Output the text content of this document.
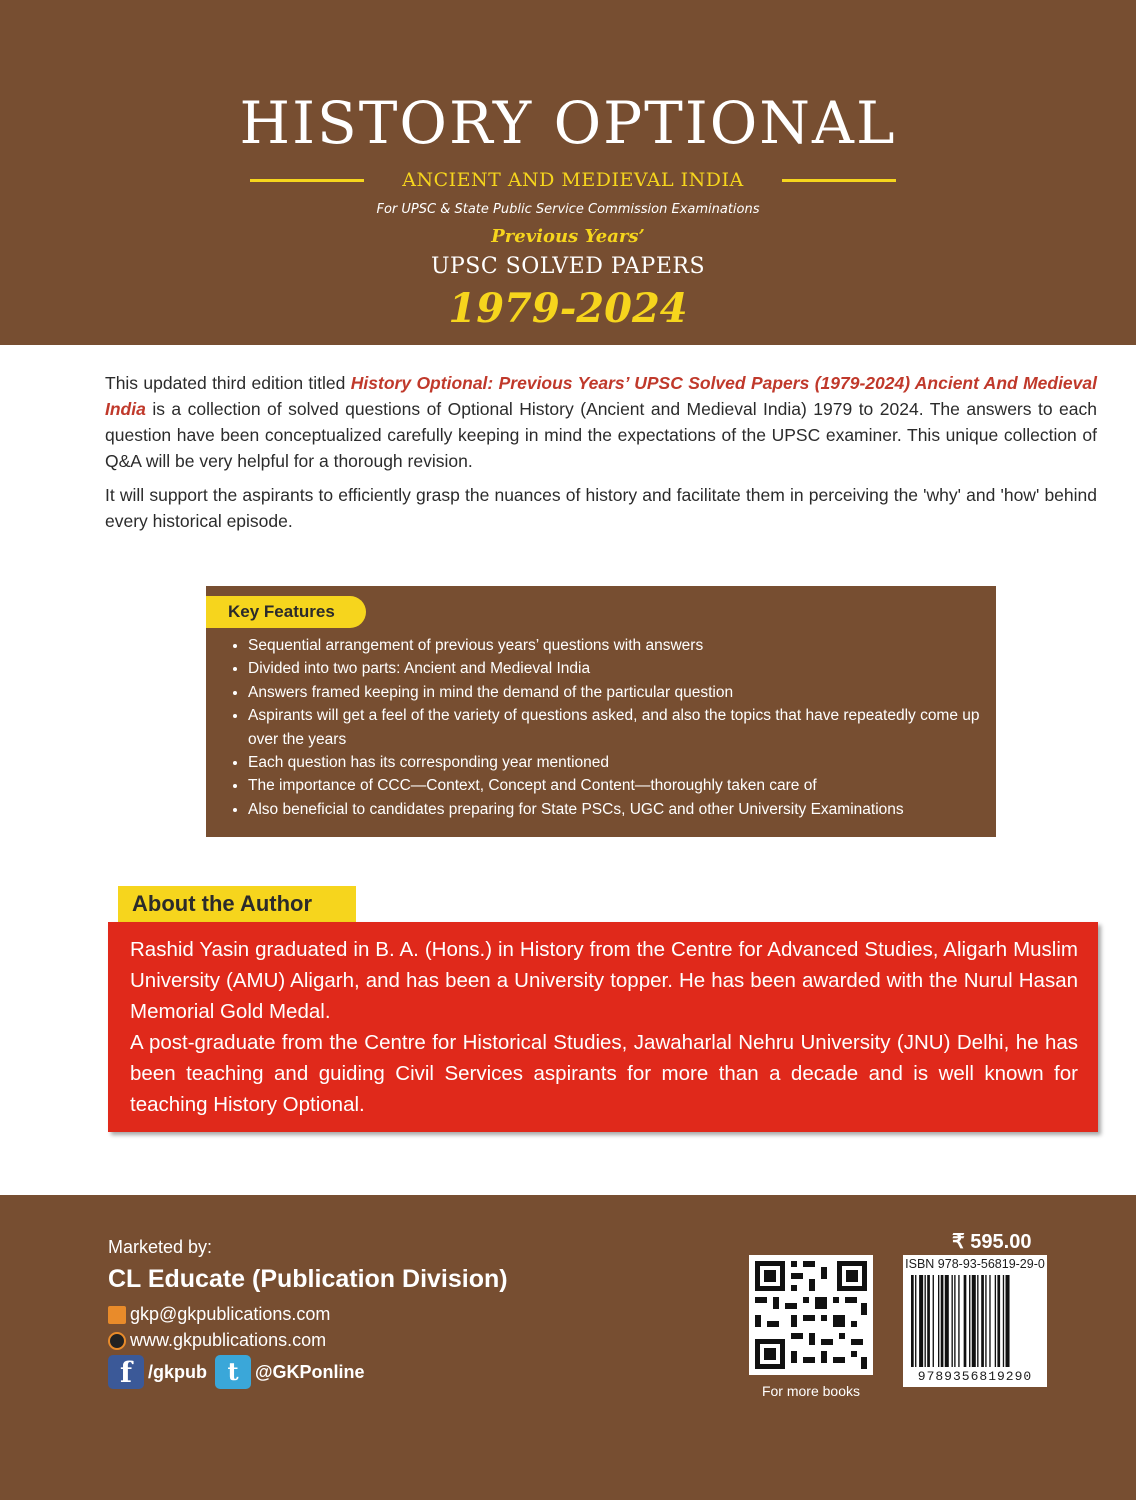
HISTORY OPTIONAL
ANCIENT AND MEDIEVAL INDIA
For UPSC & State Public Service Commission Examinations
Previous Years’
UPSC SOLVED PAPERS
1979-2024

This updated third edition titled History Optional: Previous Years’ UPSC Solved Papers (1979-2024) Ancient And Medieval India is a collection of solved questions of Optional History (Ancient and Medieval India) 1979 to 2024. The answers to each question have been conceptualized carefully keeping in mind the expectations of the UPSC examiner. This unique collection of Q&A will be very helpful for a thorough revision.

It will support the aspirants to efficiently grasp the nuances of history and facilitate them in perceiving the 'why' and 'how' behind every historical episode.

Key Features
• Sequential arrangement of previous years’ questions with answers
• Divided into two parts: Ancient and Medieval India
• Answers framed keeping in mind the demand of the particular question
• Aspirants will get a feel of the variety of questions asked, and also the topics that have repeatedly come up over the years
• Each question has its corresponding year mentioned
• The importance of CCC—Context, Concept and Content—thoroughly taken care of
• Also beneficial to candidates preparing for State PSCs, UGC and other University Examinations
About the Author

Rashid Yasin graduated in B. A. (Hons.) in History from the Centre for Advanced Studies, Aligarh Muslim University (AMU) Aligarh, and has been a University topper. He has been awarded with the Nurul Hasan Memorial Gold Medal.

A post-graduate from the Centre for Historical Studies, Jawaharlal Nehru University (JNU) Delhi, he has been teaching and guiding Civil Services aspirants for more than a decade and is well known for teaching History Optional.

Marketed by:
CL Educate (Publication Division)
gkp@gkpublications.com
www.gkpublications.com
f /gkpub t @GKPonline
For more books
₹ 595.00
ISBN 978-93-56819-29-0
9789356819290
